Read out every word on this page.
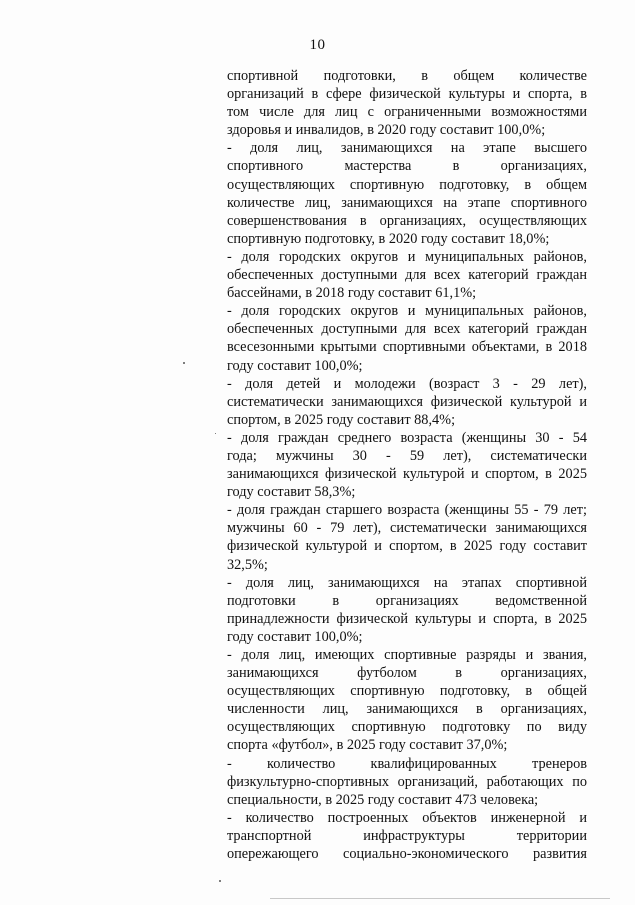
10
спортивной подготовки, в общем количестве
организаций в сфере физической культуры и спорта, в
том числе для лиц с ограниченными возможностями
здоровья и инвалидов, в 2020 году составит 100,0%;
- доля лиц, занимающихся на этапе высшего
спортивного мастерства в организациях,
осуществляющих спортивную подготовку, в общем
количестве лиц, занимающихся на этапе спортивного
совершенствования в организациях, осуществляющих
спортивную подготовку, в 2020 году составит 18,0%;
- доля городских округов и муниципальных районов,
обеспеченных доступными для всех категорий граждан
бассейнами, в 2018 году составит 61,1%;
- доля городских округов и муниципальных районов,
обеспеченных доступными для всех категорий граждан
всесезонными крытыми спортивными объектами, в 2018
году составит 100,0%;
- доля детей и молодежи (возраст 3 - 29 лет),
систематически занимающихся физической культурой и
спортом, в 2025 году составит 88,4%;
- доля граждан среднего возраста (женщины 30 - 54
года; мужчины 30 - 59 лет), систематически
занимающихся физической культурой и спортом, в 2025
году составит 58,3%;
- доля граждан старшего возраста (женщины 55 - 79 лет;
мужчины 60 - 79 лет), систематически занимающихся
физической культурой и спортом, в 2025 году составит
32,5%;
- доля лиц, занимающихся на этапах спортивной
подготовки в организациях ведомственной
принадлежности физической культуры и спорта, в 2025
году составит 100,0%;
- доля лиц, имеющих спортивные разряды и звания,
занимающихся футболом в организациях,
осуществляющих спортивную подготовку, в общей
численности лиц, занимающихся в организациях,
осуществляющих спортивную подготовку по виду
спорта «футбол», в 2025 году составит 37,0%;
- количество квалифицированных тренеров
физкультурно-спортивных организаций, работающих по
специальности, в 2025 году составит 473 человека;
- количество построенных объектов инженерной и
транспортной инфраструктуры территории
опережающего социально-экономического развития
